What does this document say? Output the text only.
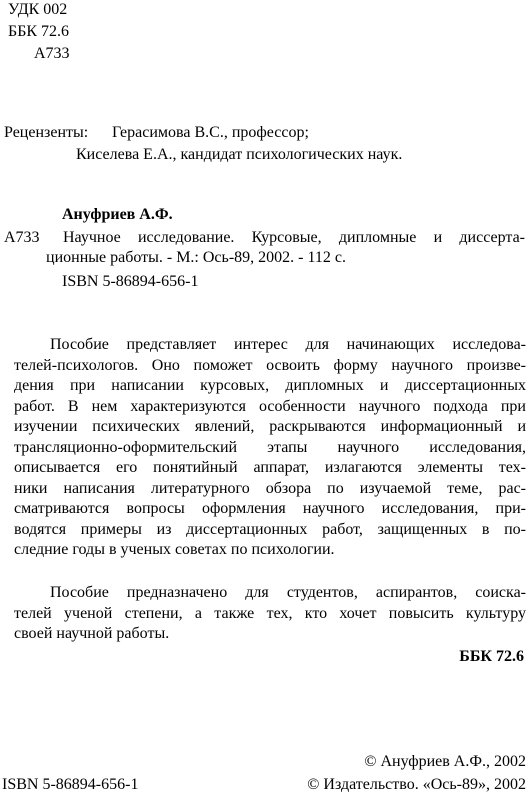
УДК 002
ББК 72.6
А733
Рецензенты: Герасимова В.С., профессор;
Киселева Е.А., кандидат психологических наук.
Ануфриев А.Ф.
А733 Научное исследование. Курсовые, дипломные и диссерта-
ционные работы. - М.: Ось-89, 2002. - 112 с.
ISBN 5-86894-656-1
Пособие представляет интерес для начинающих исследова-
телей-психологов. Оно поможет освоить форму научного произве-
дения при написании курсовых, дипломных и диссертационных
работ. В нем характеризуются особенности научного подхода при
изучении психических явлений, раскрываются информационный и
трансляционно-оформительский этапы научного исследования,
описывается его понятийный аппарат, излагаются элементы тех-
ники написания литературного обзора по изучаемой теме, рас-
сматриваются вопросы оформления научного исследования, при-
водятся примеры из диссертационных работ, защищенных в по-
следние годы в ученых советах по психологии.
Пособие предназначено для студентов, аспирантов, соиска-
телей ученой степени, а также тех, кто хочет повысить культуру
своей научной работы.
ББК 72.6
© Ануфриев А.Ф., 2002
ISBN 5-86894-656-1	© Издательство. «Ось-89», 2002
